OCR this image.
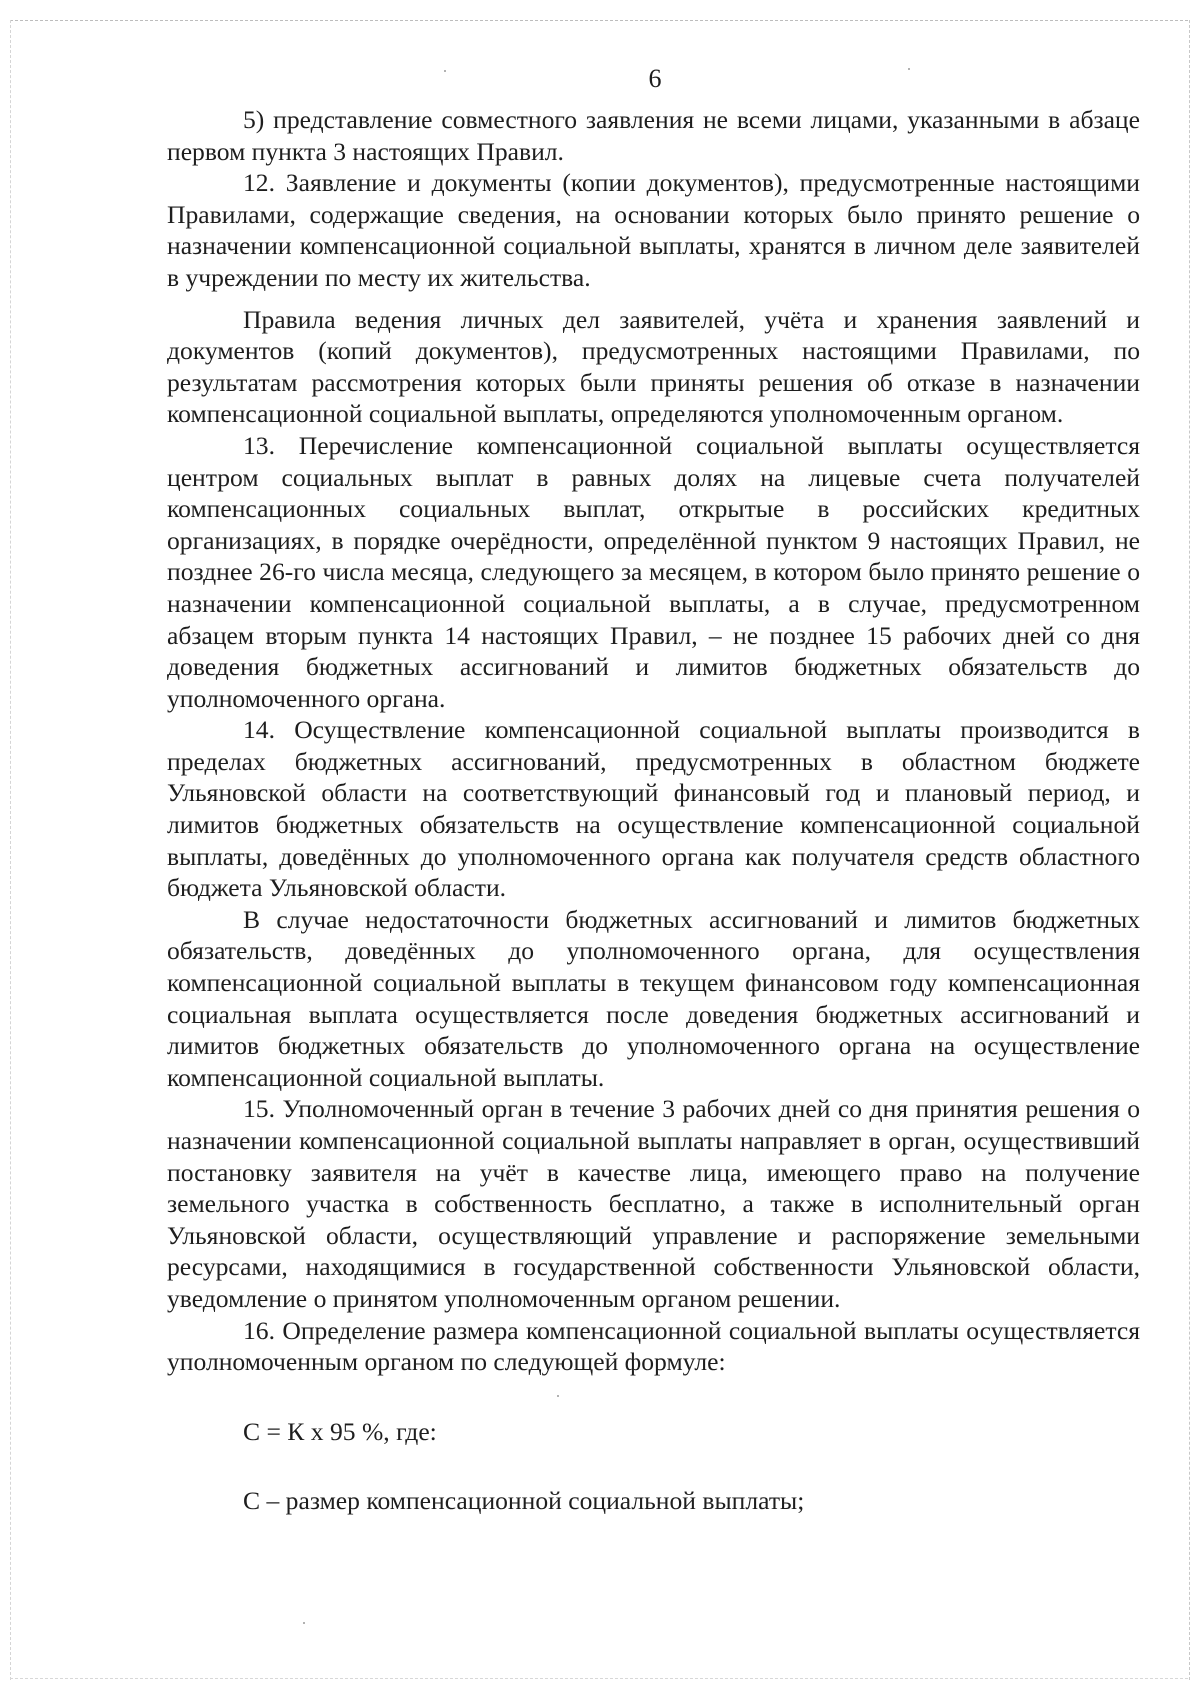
6

5) представление совместного заявления не всеми лицами, указанными в абзаце первом пункта 3 настоящих Правил.

12. Заявление и документы (копии документов), предусмотренные настоящими Правилами, содержащие сведения, на основании которых было принято решение о назначении компенсационной социальной выплаты, хранятся в личном деле заявителей в учреждении по месту их жительства.

Правила ведения личных дел заявителей, учёта и хранения заявлений и документов (копий документов), предусмотренных настоящими Правилами, по результатам рассмотрения которых были приняты решения об отказе в назначении компенсационной социальной выплаты, определяются уполномоченным органом.

13. Перечисление компенсационной социальной выплаты осуществляется центром социальных выплат в равных долях на лицевые счета получателей компенсационных социальных выплат, открытые в российских кредитных организациях, в порядке очерёдности, определённой пунктом 9 настоящих Правил, не позднее 26-го числа месяца, следующего за месяцем, в котором было принято решение о назначении компенсационной социальной выплаты, а в случае, предусмотренном абзацем вторым пункта 14 настоящих Правил, – не позднее 15 рабочих дней со дня доведения бюджетных ассигнований и лимитов бюджетных обязательств до уполномоченного органа.

14. Осуществление компенсационной социальной выплаты производится в пределах бюджетных ассигнований, предусмотренных в областном бюджете Ульяновской области на соответствующий финансовый год и плановый период, и лимитов бюджетных обязательств на осуществление компенсационной социальной выплаты, доведённых до уполномоченного органа как получателя средств областного бюджета Ульяновской области.

В случае недостаточности бюджетных ассигнований и лимитов бюджетных обязательств, доведённых до уполномоченного органа, для осуществления компенсационной социальной выплаты в текущем финансовом году компенсационная социальная выплата осуществляется после доведения бюджетных ассигнований и лимитов бюджетных обязательств до уполномоченного органа на осуществление компенсационной социальной выплаты.

15. Уполномоченный орган в течение 3 рабочих дней со дня принятия решения о назначении компенсационной социальной выплаты направляет в орган, осуществивший постановку заявителя на учёт в качестве лица, имеющего право на получение земельного участка в собственность бесплатно, а также в исполнительный орган Ульяновской области, осуществляющий управление и распоряжение земельными ресурсами, находящимися в государственной собственности Ульяновской области, уведомление о принятом уполномоченным органом решении.

16. Определение размера компенсационной социальной выплаты осуществляется уполномоченным органом по следующей формуле:

С = К х 95 %, где:

С – размер компенсационной социальной выплаты;
